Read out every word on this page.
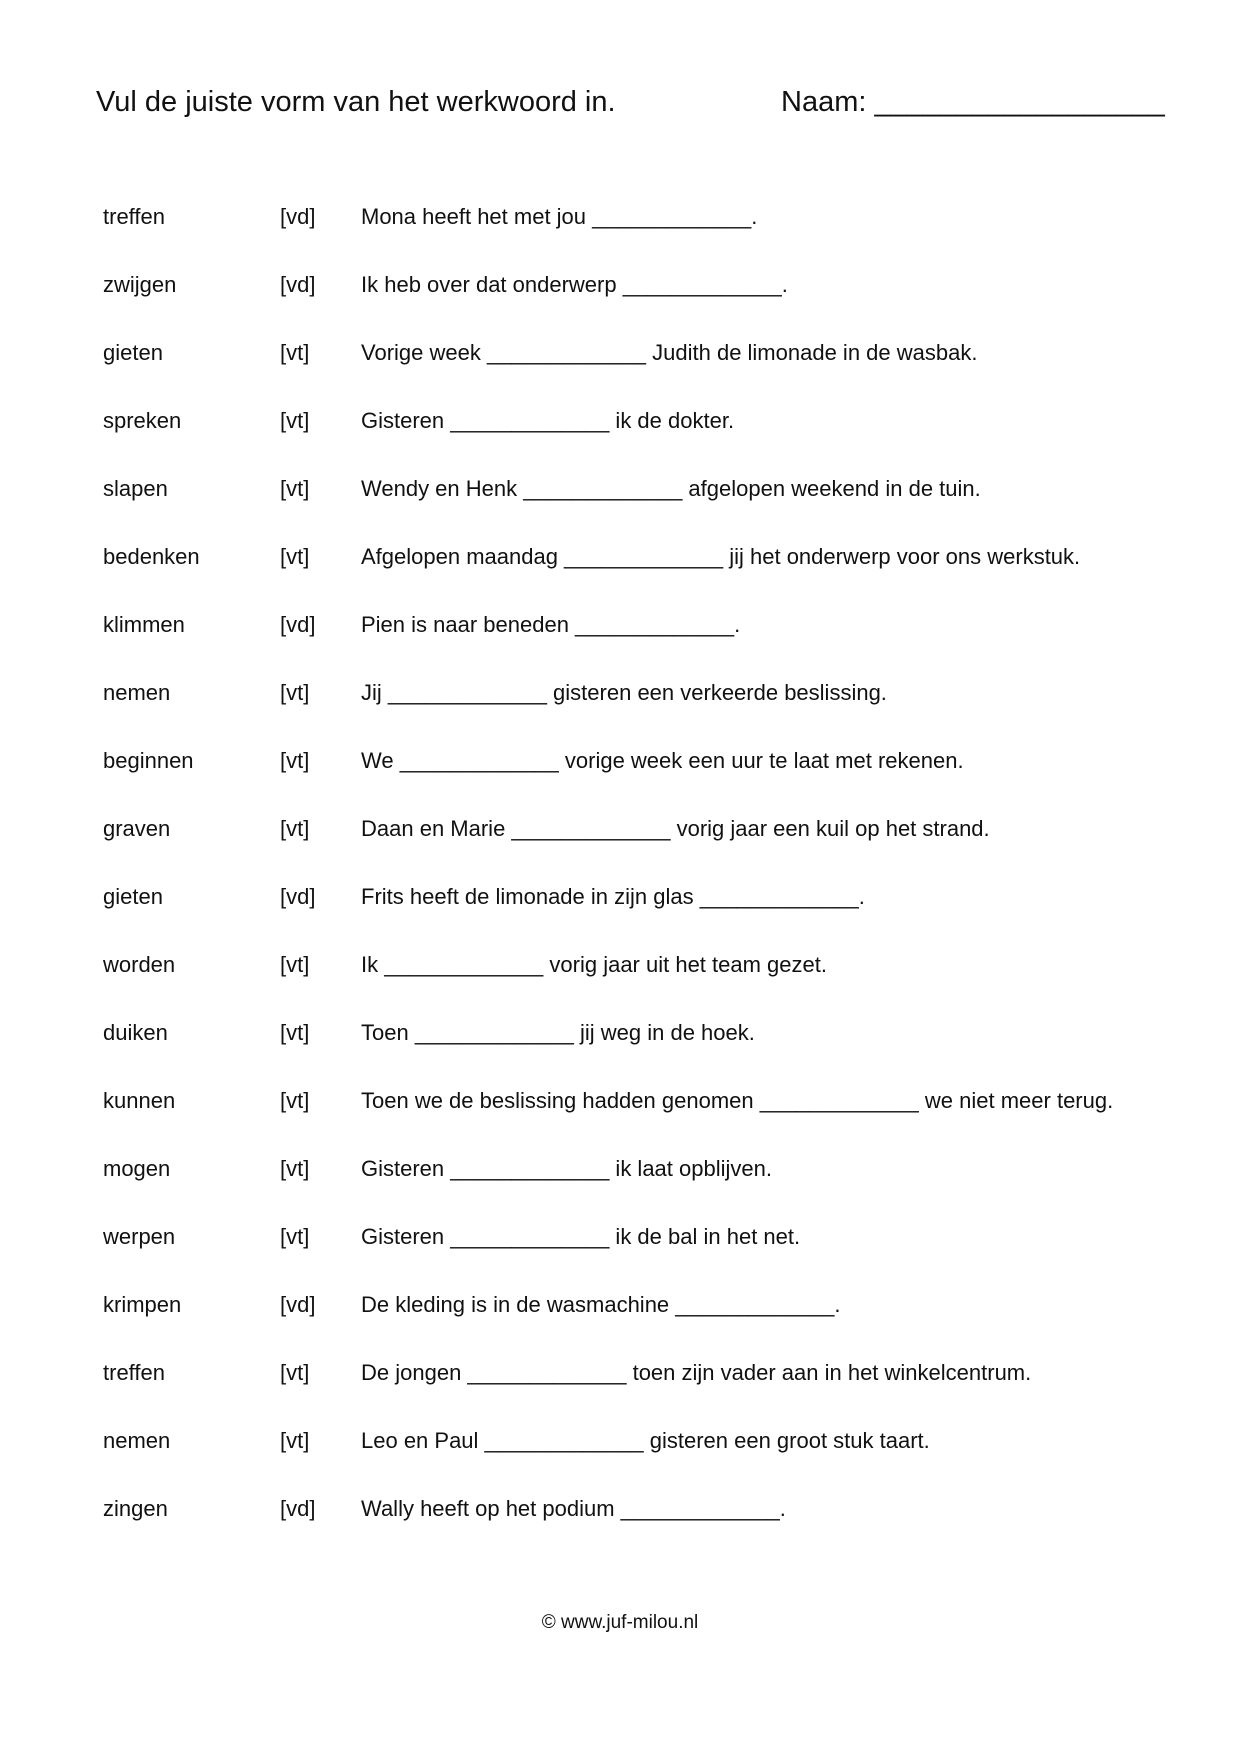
Vul de juiste vorm van het werkwoord in.	Naam: __________________
treffen	[vd] Mona heeft het met jou _____________.
zwijgen	[vd] Ik heb over dat onderwerp _____________.
gieten	[vt] Vorige week _____________ Judith de limonade in de wasbak.
spreken	[vt] Gisteren _____________ ik de dokter.
slapen	[vt] Wendy en Henk _____________ afgelopen weekend in de tuin.
bedenken	[vt] Afgelopen maandag _____________ jij het onderwerp voor ons werkstuk.
klimmen	[vd] Pien is naar beneden _____________.
nemen	[vt] Jij _____________ gisteren een verkeerde beslissing.
beginnen	[vt] We _____________ vorige week een uur te laat met rekenen.
graven	[vt] Daan en Marie _____________ vorig jaar een kuil op het strand.
gieten	[vd] Frits heeft de limonade in zijn glas _____________.
worden	[vt] Ik _____________ vorig jaar uit het team gezet.
duiken	[vt] Toen _____________ jij weg in de hoek.
kunnen	[vt] Toen we de beslissing hadden genomen _____________ we niet meer terug.
mogen	[vt] Gisteren _____________ ik laat opblijven.
werpen	[vt] Gisteren _____________ ik de bal in het net.
krimpen	[vd] De kleding is in de wasmachine _____________.
treffen	[vt] De jongen _____________ toen zijn vader aan in het winkelcentrum.
nemen	[vt] Leo en Paul _____________ gisteren een groot stuk taart.
zingen	[vd] Wally heeft op het podium _____________.
© www.juf-milou.nl
